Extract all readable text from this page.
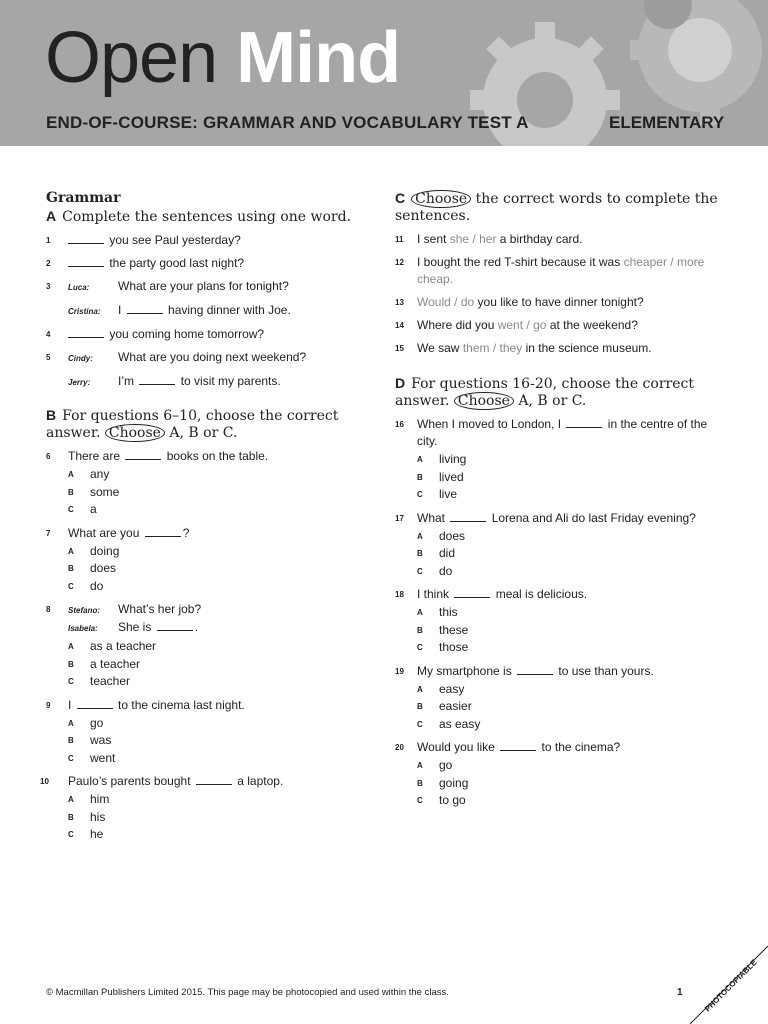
Open Mind
END-OF-COURSE: GRAMMAR AND VOCABULARY TEST A	ELEMENTARY
Grammar
A Complete the sentences using one word.
1	you see Paul yesterday?
2	the party good last night?
3 Luca: What are your plans for tonight?
Cristina: I	having dinner with Joe.
4	you coming home tomorrow?
5 Cindy: What are you doing next weekend?
Jerry: I’m	to visit my parents.
B For questions 6–10, choose the correct answer. Choose A, B or C.
6 There are	books on the table.
A any
B some
C a
7 What are you	?
A doing
B does
C do
8 Stefano: What’s her job?
Isabela: She is	.
A as a teacher
B a teacher
C teacher
9 I	to the cinema last night.
A go
B was
C went
10 Paulo’s parents bought	a laptop.
A him
B his
C he
C Choose the correct words to complete the sentences.
11 I sent she / her a birthday card.
12 I bought the red T-shirt because it was cheaper / more cheap.
13 Would / do you like to have dinner tonight?
14 Where did you went / go at the weekend?
15 We saw them / they in the science museum.
D For questions 16-20, choose the correct answer. Choose A, B or C.
16 When I moved to London, I	in the centre of the city.
A living
B lived
C live
17 What	Lorena and Ali do last Friday evening?
A does
B did
C do
18 I think	meal is delicious.
A this
B these
C those
19 My smartphone is	to use than yours.
A easy
B easier
C as easy
20 Would you like	to the cinema?
A go
B going
C to go
© Macmillan Publishers Limited 2015. This page may be photocopied and used within the class.	1	PHOTOCOPIABLE
